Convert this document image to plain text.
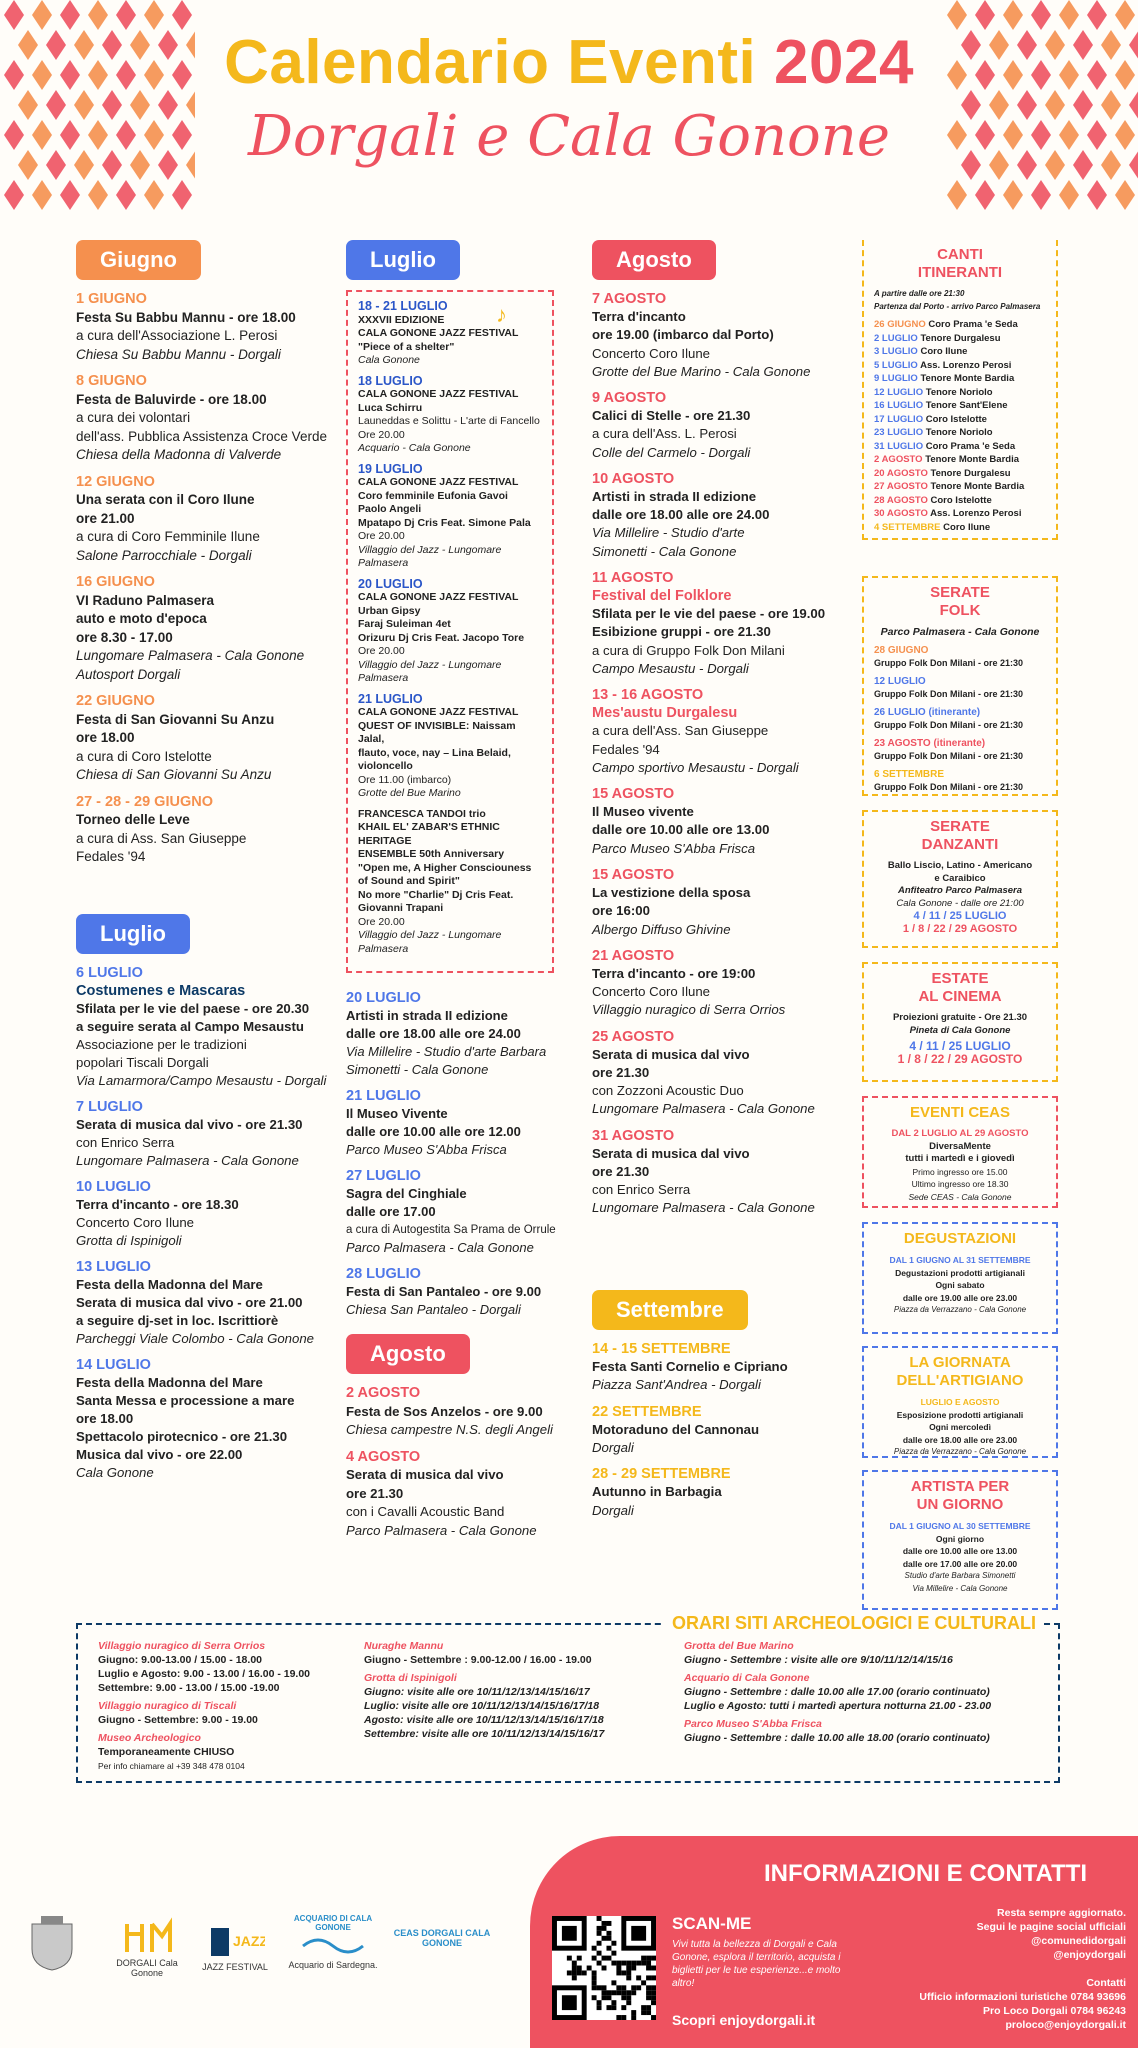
Calendario Eventi 2024
Dorgali e Cala Gonone
Giugno
1 GIUGNO
Festa Su Babbu Mannu - ore 18.00
a cura dell'Associazione L. Perosi
Chiesa Su Babbu Mannu - Dorgali
8 GIUGNO
Festa de Baluvirde - ore 18.00
a cura dei volontari
dell'ass. Pubblica Assistenza Croce Verde
Chiesa della Madonna di Valverde
12 GIUGNO
Una serata con il Coro Ilune
ore 21.00
a cura di Coro Femminile Ilune
Salone Parrocchiale - Dorgali
16 GIUGNO
VI Raduno Palmasera
auto e moto d'epoca
ore 8.30 - 17.00
Lungomare Palmasera - Cala Gonone
Autosport Dorgali
22 GIUGNO
Festa di San Giovanni Su Anzu
ore 18.00
a cura di Coro Istelotte
Chiesa di San Giovanni Su Anzu
27 - 28 - 29 GIUGNO
Torneo delle Leve
a cura di Ass. San Giuseppe
Fedales '94
Luglio
6 LUGLIO
Costumenes e Mascaras
Sfilata per le vie del paese - ore 20.30
a seguire serata al Campo Mesaustu
Associazione per le tradizioni
popolari Tiscali Dorgali
Via Lamarmora/Campo Mesaustu - Dorgali
7 LUGLIO
Serata di musica dal vivo - ore 21.30
con Enrico Serra
Lungomare Palmasera - Cala Gonone
10 LUGLIO
Terra d'incanto - ore 18.30
Concerto Coro Ilune
Grotta di Ispinigoli
13 LUGLIO
Festa della Madonna del Mare
Serata di musica dal vivo - ore 21.00
a seguire dj-set in loc. Iscrittiorè
Parcheggi Viale Colombo - Cala Gonone
14 LUGLIO
Festa della Madonna del Mare
Santa Messa e processione a mare
ore 18.00
Spettacolo pirotecnico - ore 21.30
Musica dal vivo - ore 22.00
Cala Gonone
Luglio
18 - 21 LUGLIO
XXXVII EDIZIONE
CALA GONONE JAZZ FESTIVAL
"Piece of a shelter"
Cala Gonone
18 LUGLIO
CALA GONONE JAZZ FESTIVAL
Luca Schirru
Launeddas e Solittu - L'arte di Fancello
Ore 20.00
Acquario - Cala Gonone
19 LUGLIO
CALA GONONE JAZZ FESTIVAL
Coro femminile Eufonia Gavoi
Paolo Angeli
Mpatapo Dj Cris Feat. Simone Pala
Ore 20.00
Villaggio del Jazz - Lungomare Palmasera
20 LUGLIO
CALA GONONE JAZZ FESTIVAL
Urban Gipsy
Faraj Suleiman 4et
Orizuru Dj Cris Feat. Jacopo Tore
Ore 20.00
Villaggio del Jazz - Lungomare Palmasera
21 LUGLIO
CALA GONONE JAZZ FESTIVAL
QUEST OF INVISIBLE: Naissam Jalal,
flauto, voce, nay – Lina Belaid,
violoncello
Ore 11.00 (imbarco)
Grotte del Bue Marino
FRANCESCA TANDOI trio
KHAIL EL' ZABAR'S ETHNIC HERITAGE
ENSEMBLE 50th Anniversary
"Open me, A Higher Consciouness
of Sound and Spirit"
No more "Charlie" Dj Cris Feat.
Giovanni Trapani
Ore 20.00
Villaggio del Jazz - Lungomare Palmasera
♪
20 LUGLIO
Artisti in strada II edizione
dalle ore 18.00 alle ore 24.00
Via Millelire - Studio d'arte Barbara
Simonetti - Cala Gonone
21 LUGLIO
Il Museo Vivente
dalle ore 10.00 alle ore 12.00
Parco Museo S'Abba Frisca
27 LUGLIO
Sagra del Cinghiale
dalle ore 17.00
a cura di Autogestita Sa Prama de Orrule
Parco Palmasera - Cala Gonone
28 LUGLIO
Festa di San Pantaleo - ore 9.00
Chiesa San Pantaleo - Dorgali
Agosto
2 AGOSTO
Festa de Sos Anzelos - ore 9.00
Chiesa campestre N.S. degli Angeli
4 AGOSTO
Serata di musica dal vivo
ore 21.30
con i Cavalli Acoustic Band
Parco Palmasera - Cala Gonone
Agosto
7 AGOSTO
Terra d'incanto
ore 19.00 (imbarco dal Porto)
Concerto Coro Ilune
Grotte del Bue Marino - Cala Gonone
9 AGOSTO
Calici di Stelle - ore 21.30
a cura dell'Ass. L. Perosi
Colle del Carmelo - Dorgali
10 AGOSTO
Artisti in strada II edizione
dalle ore 18.00 alle ore 24.00
Via Millelire - Studio d'arte
Simonetti - Cala Gonone
11 AGOSTO
Festival del Folklore
Sfilata per le vie del paese - ore 19.00
Esibizione gruppi - ore 21.30
a cura di Gruppo Folk Don Milani
Campo Mesaustu - Dorgali
13 - 16 AGOSTO
Mes'austu Durgalesu
a cura dell'Ass. San Giuseppe
Fedales '94
Campo sportivo Mesaustu - Dorgali
15 AGOSTO
Il Museo vivente
dalle ore 10.00 alle ore 13.00
Parco Museo S'Abba Frisca
15 AGOSTO
La vestizione della sposa
ore 16:00
Albergo Diffuso Ghivine
21 AGOSTO
Terra d'incanto - ore 19:00
Concerto Coro Ilune
Villaggio nuragico di Serra Orrios
25 AGOSTO
Serata di musica dal vivo
ore 21.30
con Zozzoni Acoustic Duo
Lungomare Palmasera - Cala Gonone
31 AGOSTO
Serata di musica dal vivo
ore 21.30
con Enrico Serra
Lungomare Palmasera - Cala Gonone
Settembre
14 - 15 SETTEMBRE
Festa Santi Cornelio e Cipriano
Piazza Sant'Andrea - Dorgali
22 SETTEMBRE
Motoraduno del Cannonau
Dorgali
28 - 29 SETTEMBRE
Autunno in Barbagia
Dorgali
CANTI
ITINERANTI
A partire dalle ore 21:30
Partenza dal Porto - arrivo Parco Palmasera
26 GIUGNO Coro Prama 'e Seda
2 LUGLIO Tenore Durgalesu
3 LUGLIO Coro Ilune
5 LUGLIO Ass. Lorenzo Perosi
9 LUGLIO Tenore Monte Bardia
12 LUGLIO Tenore Noriolo
16 LUGLIO Tenore Sant'Elene
17 LUGLIO Coro Istelotte
23 LUGLIO Tenore Noriolo
31 LUGLIO Coro Prama 'e Seda
2 AGOSTO Tenore Monte Bardia
20 AGOSTO Tenore Durgalesu
27 AGOSTO Tenore Monte Bardia
28 AGOSTO Coro Istelotte
30 AGOSTO Ass. Lorenzo Perosi
4 SETTEMBRE Coro Ilune
SERATE
FOLK
Parco Palmasera - Cala Gonone
28 GIUGNO
Gruppo Folk Don Milani - ore 21:30
12 LUGLIO
Gruppo Folk Don Milani - ore 21:30
26 LUGLIO (itinerante)
Gruppo Folk Don Milani - ore 21:30
23 AGOSTO (itinerante)
Gruppo Folk Don Milani - ore 21:30
6 SETTEMBRE
Gruppo Folk Don Milani - ore 21:30
SERATE
DANZANTI
Ballo Liscio, Latino - Americano
e Caraibico
Anfiteatro Parco Palmasera
Cala Gonone - dalle ore 21:00
4 / 11 / 25 LUGLIO
1 / 8 / 22 / 29 AGOSTO
ESTATE
AL CINEMA
Proiezioni gratuite - Ore 21.30
Pineta di Cala Gonone
4 / 11 / 25 LUGLIO
1 / 8 / 22 / 29 AGOSTO
EVENTI CEAS
DAL 2 LUGLIO AL 29 AGOSTO
DiversaMente
tutti i martedì e i giovedì
Primo ingresso ore 15.00
Ultimo ingresso ore 18.30
Sede CEAS - Cala Gonone
DEGUSTAZIONI
DAL 1 GIUGNO AL 31 SETTEMBRE
Degustazioni prodotti artigianali
Ogni sabato
dalle ore 19.00 alle ore 23.00
Piazza da Verrazzano - Cala Gonone
LA GIORNATA
DELL'ARTIGIANO
LUGLIO E AGOSTO
Esposizione prodotti artigianali
Ogni mercoledì
dalle ore 18.00 alle ore 23.00
Piazza da Verrazzano - Cala Gonone
ARTISTA PER
UN GIORNO
DAL 1 GIUGNO AL 30 SETTEMBRE
Ogni giorno
dalle ore 10.00 alle ore 13.00
dalle ore 17.00 alle ore 20.00
Studio d'arte Barbara Simonetti
Via Millelire - Cala Gonone
ORARI SITI ARCHEOLOGICI E CULTURALI
Villaggio nuragico di Serra Orrios
Giugno: 9.00-13.00 / 15.00 - 18.00
Luglio e Agosto: 9.00 - 13.00 / 16.00 - 19.00
Settembre: 9.00 - 13.00 / 15.00 -19.00
Villaggio nuragico di Tiscali
Giugno - Settembre: 9.00 - 19.00
Museo Archeologico
Temporaneamente CHIUSO
Per info chiamare al +39 348 478 0104
Nuraghe Mannu
Giugno - Settembre : 9.00-12.00 / 16.00 - 19.00
Grotta di Ispinigoli
Giugno: visite alle ore 10/11/12/13/14/15/16/17
Luglio: visite alle ore 10/11/12/13/14/15/16/17/18
Agosto: visite alle ore 10/11/12/13/14/15/16/17/18
Settembre: visite alle ore 10/11/12/13/14/15/16/17
Grotta del Bue Marino
Giugno - Settembre : visite alle ore 9/10/11/12/14/15/16
Acquario di Cala Gonone
Giugno - Settembre : dalle 10.00 alle 17.00 (orario continuato)
Luglio e Agosto: tutti i martedì apertura notturna 21.00 - 23.00
Parco Museo S'Abba Frisca
Giugno - Settembre : dalle 10.00 alle 18.00 (orario continuato)
DORGALI Cala Gonone
JAZZ
JAZZ FESTIVAL
ACQUARIO DI CALA GONONE
Acquario di Sardegna.
CEAS DORGALI CALA GONONE
INFORMAZIONI E CONTATTI
SCAN-ME
Vivi tutta la bellezza di Dorgali e Cala Gonone, esplora il territorio, acquista i biglietti per le tue esperienze...e molto altro!
Scopri enjoydorgali.it
Resta sempre aggiornato.
Segui le pagine social ufficiali
@comunedidorgali
@enjoydorgali
Contatti
Ufficio informazioni turistiche 0784 93696
Pro Loco Dorgali 0784 96243
proloco@enjoydorgali.it
